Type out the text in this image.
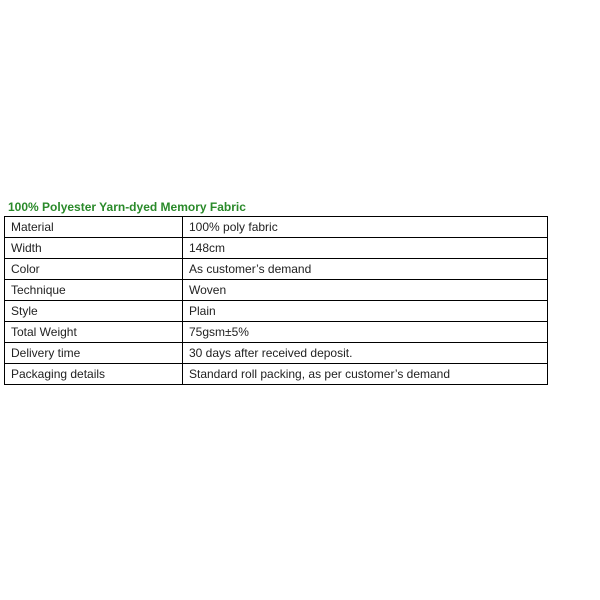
100% Polyester Yarn-dyed Memory Fabric
Material	100% poly fabric
Width	148cm
Color	As customer’s demand
Technique	Woven
Style	Plain
Total Weight	75gsm±5%
Delivery time	30 days after received deposit.
Packaging details	Standard roll packing, as per customer’s demand
